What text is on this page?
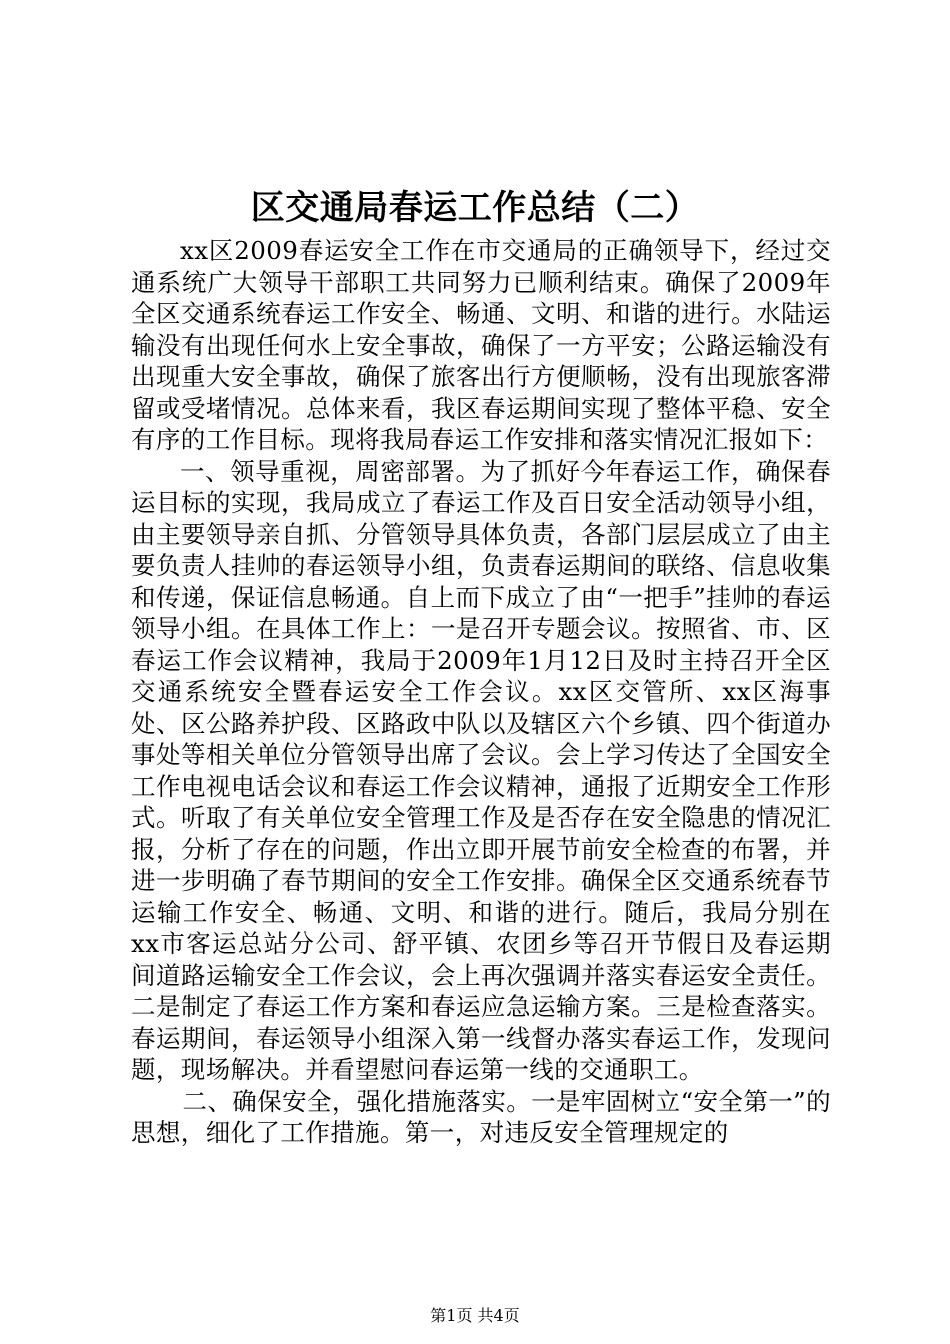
区交通局春运工作总结（二）

xx区2009春运安全工作在市交通局的正确领导下，经过交通系统广大领导干部职工共同努力已顺利结束。确保了2009年全区交通系统春运工作安全、畅通、文明、和谐的进行。水陆运输没有出现任何水上安全事故，确保了一方平安；公路运输没有出现重大安全事故，确保了旅客出行方便顺畅，没有出现旅客滞留或受堵情况。总体来看，我区春运期间实现了整体平稳、安全有序的工作目标。现将我局春运工作安排和落实情况汇报如下：

一、领导重视，周密部署。为了抓好今年春运工作，确保春运目标的实现，我局成立了春运工作及百日安全活动领导小组，由主要领导亲自抓、分管领导具体负责，各部门层层成立了由主要负责人挂帅的春运领导小组，负责春运期间的联络、信息收集和传递，保证信息畅通。自上而下成立了由“一把手”挂帅的春运领导小组。在具体工作上：一是召开专题会议。按照省、市、区春运工作会议精神，我局于2009年1月12日及时主持召开全区交通系统安全暨春运安全工作会议。xx区交管所、xx区海事处、区公路养护段、区路政中队以及辖区六个乡镇、四个街道办事处等相关单位分管领导出席了会议。会上学习传达了全国安全工作电视电话会议和春运工作会议精神，通报了近期安全工作形式。听取了有关单位安全管理工作及是否存在安全隐患的情况汇报，分析了存在的问题，作出立即开展节前安全检查的布署，并进一步明确了春节期间的安全工作安排。确保全区交通系统春节运输工作安全、畅通、文明、和谐的进行。随后，我局分别在xx市客运总站分公司、舒平镇、农团乡等召开节假日及春运期间道路运输安全工作会议，会上再次强调并落实春运安全责任。二是制定了春运工作方案和春运应急运输方案。三是检查落实。春运期间，春运领导小组深入第一线督办落实春运工作，发现问题，现场解决。并看望慰问春运第一线的交通职工。

二、确保安全，强化措施落实。一是牢固树立“安全第一”的思想，细化了工作措施。第一，对违反安全管理规定的

第1页 共4页
